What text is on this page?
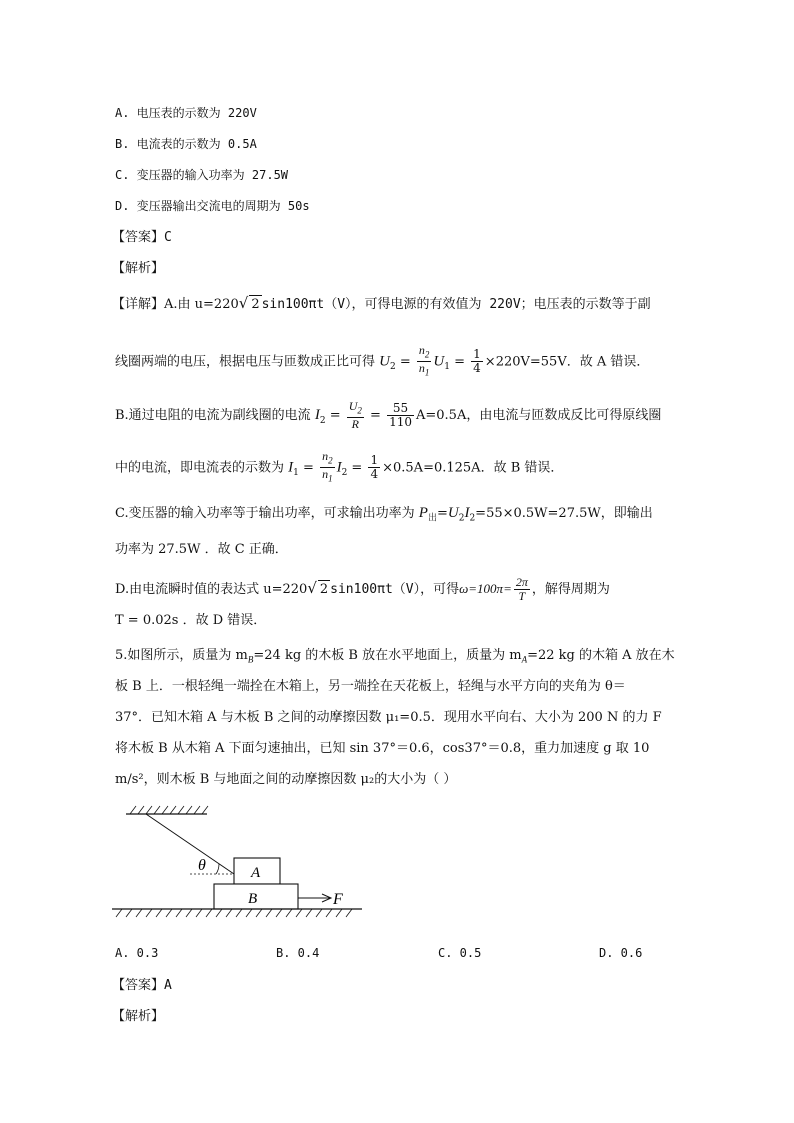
A. 电压表的示数为 220V
B. 电流表的示数为 0.5A
C. 变压器的输入功率为 27.5W
D. 变压器输出交流电的周期为 50s
【答案】C
【解析】
【详解】A.由 u=220√ 2 sin100πt（V），可得电源的有效值为 220V；电压表的示数等于副
线圈两端的电压，根据电压与匝数成正比可得 $U_2 = \frac{n_2}{n_1} U_1 = \frac{1}{4} \times 220V=55V$．故 A 错误．
B.通过电阻的电流为副线圈的电流 $I_2 = \frac{U_2}{R} = \frac{55}{110} A=0.5A$，由电流与匝数成反比可得原线圈
中的电流，即电流表的示数为 $I_1 = \frac{n_2}{n_1} I_2 = \frac{1}{4} \times 0.5A=0.125A$．故 B 错误．
C.变压器的输入功率等于输出功率，可求输出功率为 $P_出=U_2I_2=55\times 0.5W=27.5W$，即输出
功率为 27.5W ．故 C 正确．
D.由电流瞬时值的表达式 u=220√ 2 sin100πt（V），可得$\omega=100\pi= \frac{2\pi}{T}$ ，解得周期为
T = 0.02s ．故 D 错误．
5.如图所示，质量为 $m_B=24$ kg 的木板 B 放在水平地面上，质量为 $m_A=22$ kg 的木箱 A 放在木
板 B 上．一根轻绳一端拴在木箱上，另一端拴在天花板上，轻绳与水平方向的夹角为 θ＝
37°．已知木箱 A 与木板 B 之间的动摩擦因数 μ₁=0.5．现用水平向右、大小为 200 N 的力 F
将木板 B 从木箱 A 下面匀速抽出，已知 sin 37°＝0.6，cos37°＝0.8，重力加速度 g 取 10
m/s²，则木板 B 与地面之间的动摩擦因数 μ₂的大小为（ ）
θ	A
B	F
A. 0.3	B. 0.4	C. 0.5	D. 0.6
【答案】A
【解析】
